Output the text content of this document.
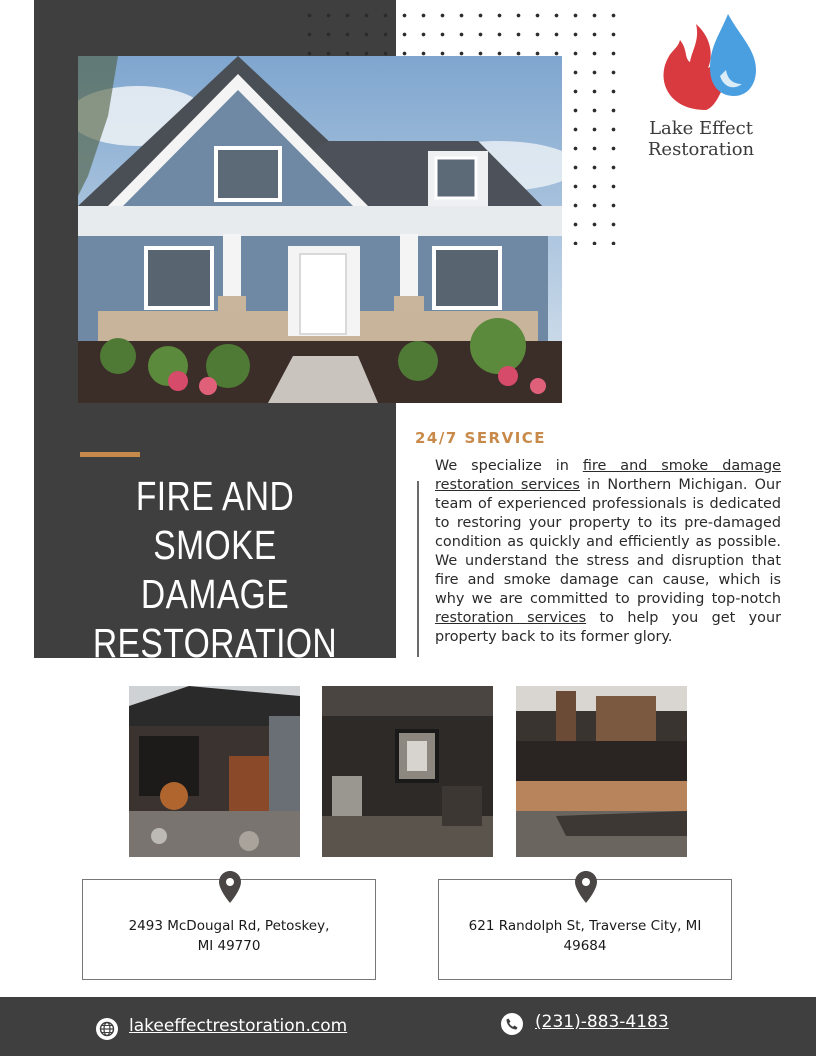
Lake Effect
Restoration
FIRE AND SMOKE
DAMAGE
RESTORATION
24/7 SERVICE
We specialize in fire and smoke damage restoration services in Northern Michigan. Our team of experienced professionals is dedicated to restoring your property to its pre-damaged condition as quickly and efficiently as possible. We understand the stress and disruption that fire and smoke damage can cause, which is why we are committed to providing top-notch restoration services to help you get your property back to its former glory.
2493 McDougal Rd, Petoskey,
MI 49770
621 Randolph St, Traverse City, MI
49684
lakeeffectrestoration.com	(231)-883-4183
